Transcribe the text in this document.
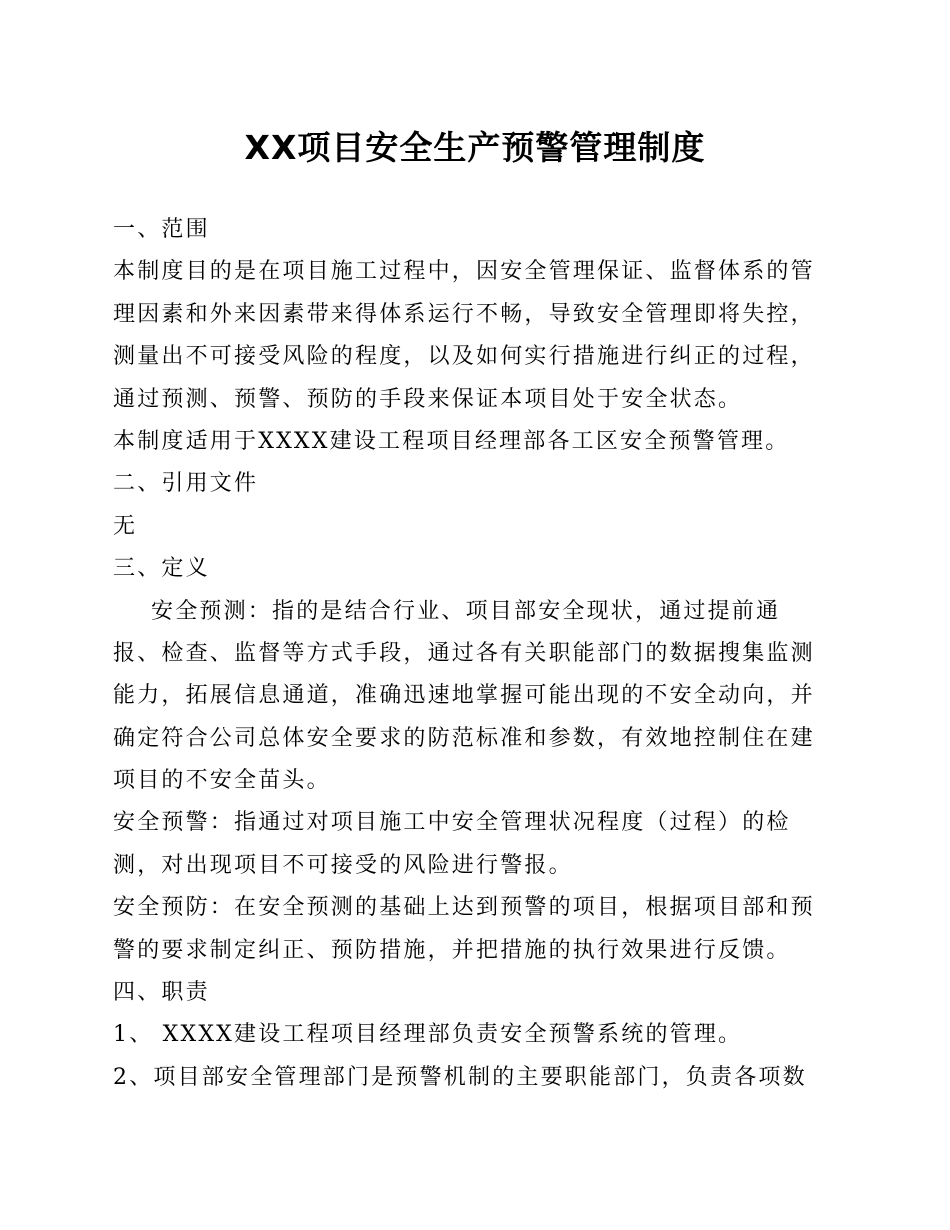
XX项目安全生产预警管理制度
一、范围
本制度目的是在项目施工过程中，因安全管理保证、监督体系的管
理因素和外来因素带来得体系运行不畅，导致安全管理即将失控，
测量出不可接受风险的程度，以及如何实行措施进行纠正的过程，
通过预测、预警、预防的手段来保证本项目处于安全状态。
本制度适用于XXXX建设工程项目经理部各工区安全预警管理。
二、引用文件
无
三、定义
安全预测：指的是结合行业、项目部安全现状，通过提前通
报、检查、监督等方式手段，通过各有关职能部门的数据搜集监测
能力，拓展信息通道，准确迅速地掌握可能出现的不安全动向，并
确定符合公司总体安全要求的防范标准和参数，有效地控制住在建
项目的不安全苗头。
安全预警：指通过对项目施工中安全管理状况程度（过程）的检
测，对出现项目不可接受的风险进行警报。
安全预防：在安全预测的基础上达到预警的项目，根据项目部和预
警的要求制定纠正、预防措施，并把措施的执行效果进行反馈。
四、职责
1、 XXXX建设工程项目经理部负责安全预警系统的管理。
2、项目部安全管理部门是预警机制的主要职能部门，负责各项数
